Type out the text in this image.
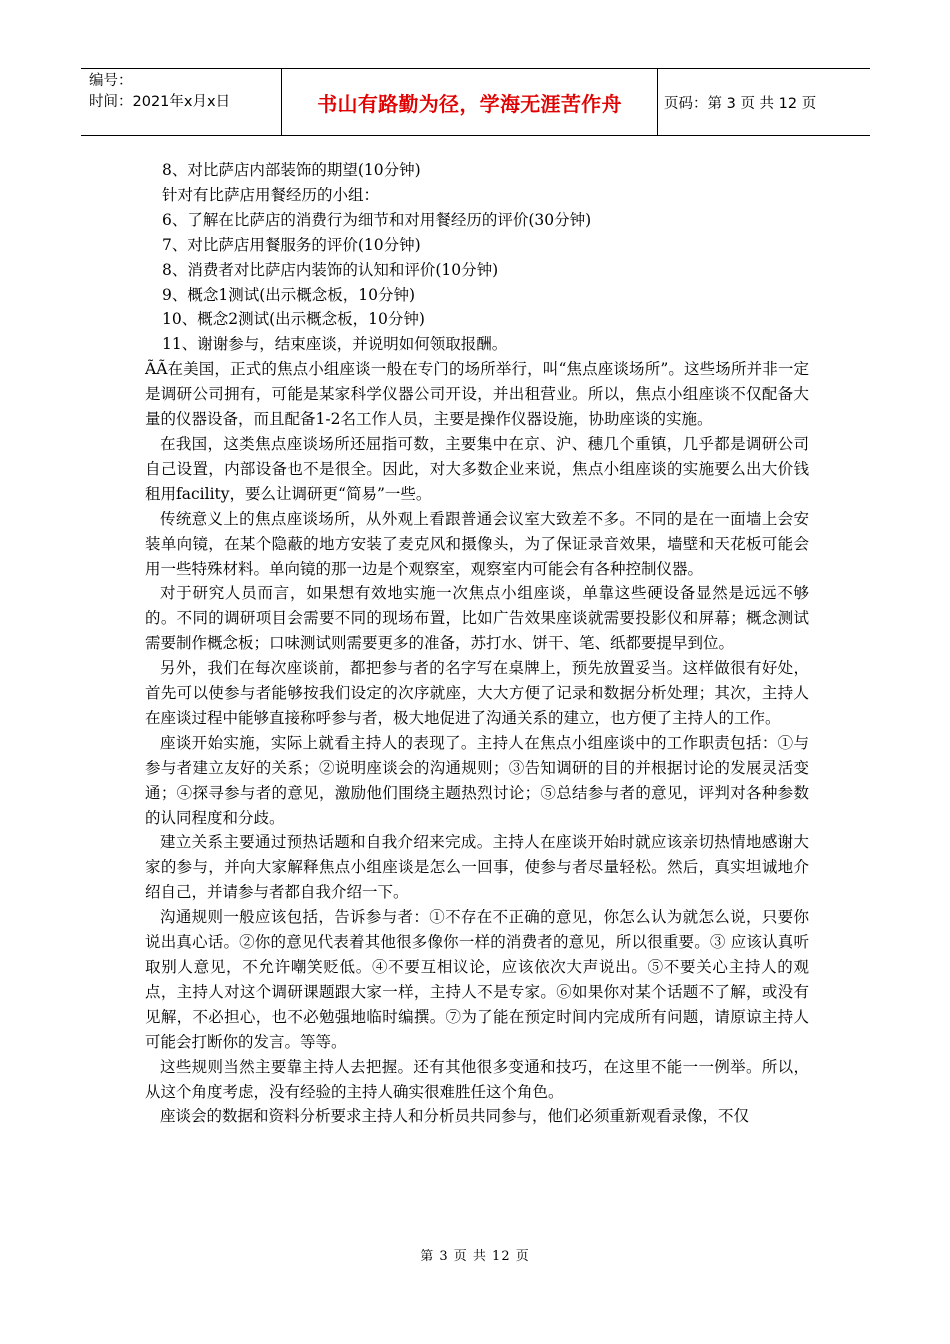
编号：
时间：2021年x月x日	书山有路勤为径，学海无涯苦作舟	页码：第 3 页 共 12 页
8、对比萨店内部装饰的期望(10分钟)
针对有比萨店用餐经历的小组：
6、了解在比萨店的消费行为细节和对用餐经历的评价(30分钟)
7、对比萨店用餐服务的评价(10分钟)
8、消费者对比萨店内装饰的认知和评价(10分钟)
9、概念1测试(出示概念板，10分钟)
10、概念2测试(出示概念板，10分钟)
11、谢谢参与，结束座谈，并说明如何领取报酬。

ÃÃ在美国，正式的焦点小组座谈一般在专门的场所举行，叫“焦点座谈场所”。这些场所并非一定是调研公司拥有，可能是某家科学仪器公司开设，并出租营业。所以，焦点小组座谈不仅配备大量的仪器设备，而且配备1-2名工作人员，主要是操作仪器设施，协助座谈的实施。

在我国，这类焦点座谈场所还屈指可数，主要集中在京、沪、穗几个重镇，几乎都是调研公司自己设置，内部设备也不是很全。因此，对大多数企业来说，焦点小组座谈的实施要么出大价钱租用facility，要么让调研更“简易”一些。

传统意义上的焦点座谈场所，从外观上看跟普通会议室大致差不多。不同的是在一面墙上会安装单向镜，在某个隐蔽的地方安装了麦克风和摄像头，为了保证录音效果，墙壁和天花板可能会用一些特殊材料。单向镜的那一边是个观察室，观察室内可能会有各种控制仪器。

对于研究人员而言，如果想有效地实施一次焦点小组座谈，单靠这些硬设备显然是远远不够的。不同的调研项目会需要不同的现场布置，比如广告效果座谈就需要投影仪和屏幕；概念测试需要制作概念板；口味测试则需要更多的准备，苏打水、饼干、笔、纸都要提早到位。

另外，我们在每次座谈前，都把参与者的名字写在桌牌上，预先放置妥当。这样做很有好处，首先可以使参与者能够按我们设定的次序就座，大大方便了记录和数据分析处理；其次，主持人在座谈过程中能够直接称呼参与者，极大地促进了沟通关系的建立，也方便了主持人的工作。

座谈开始实施，实际上就看主持人的表现了。主持人在焦点小组座谈中的工作职责包括：①与参与者建立友好的关系；②说明座谈会的沟通规则；③告知调研的目的并根据讨论的发展灵活变通；④探寻参与者的意见，激励他们围绕主题热烈讨论；⑤总结参与者的意见，评判对各种参数的认同程度和分歧。

建立关系主要通过预热话题和自我介绍来完成。主持人在座谈开始时就应该亲切热情地感谢大家的参与，并向大家解释焦点小组座谈是怎么一回事，使参与者尽量轻松。然后，真实坦诚地介绍自己，并请参与者都自我介绍一下。

沟通规则一般应该包括，告诉参与者：①不存在不正确的意见，你怎么认为就怎么说，只要你说出真心话。②你的意见代表着其他很多像你一样的消费者的意见，所以很重要。③ 应该认真听取别人意见，不允许嘲笑贬低。④不要互相议论，应该依次大声说出。⑤不要关心主持人的观点，主持人对这个调研课题跟大家一样，主持人不是专家。⑥如果你对某个话题不了解，或没有见解，不必担心，也不必勉强地临时编撰。⑦为了能在预定时间内完成所有问题，请原谅主持人可能会打断你的发言。等等。

这些规则当然主要靠主持人去把握。还有其他很多变通和技巧，在这里不能一一例举。所以，从这个角度考虑，没有经验的主持人确实很难胜任这个角色。

座谈会的数据和资料分析要求主持人和分析员共同参与，他们必须重新观看录像，不仅

第 3 页 共 12 页
